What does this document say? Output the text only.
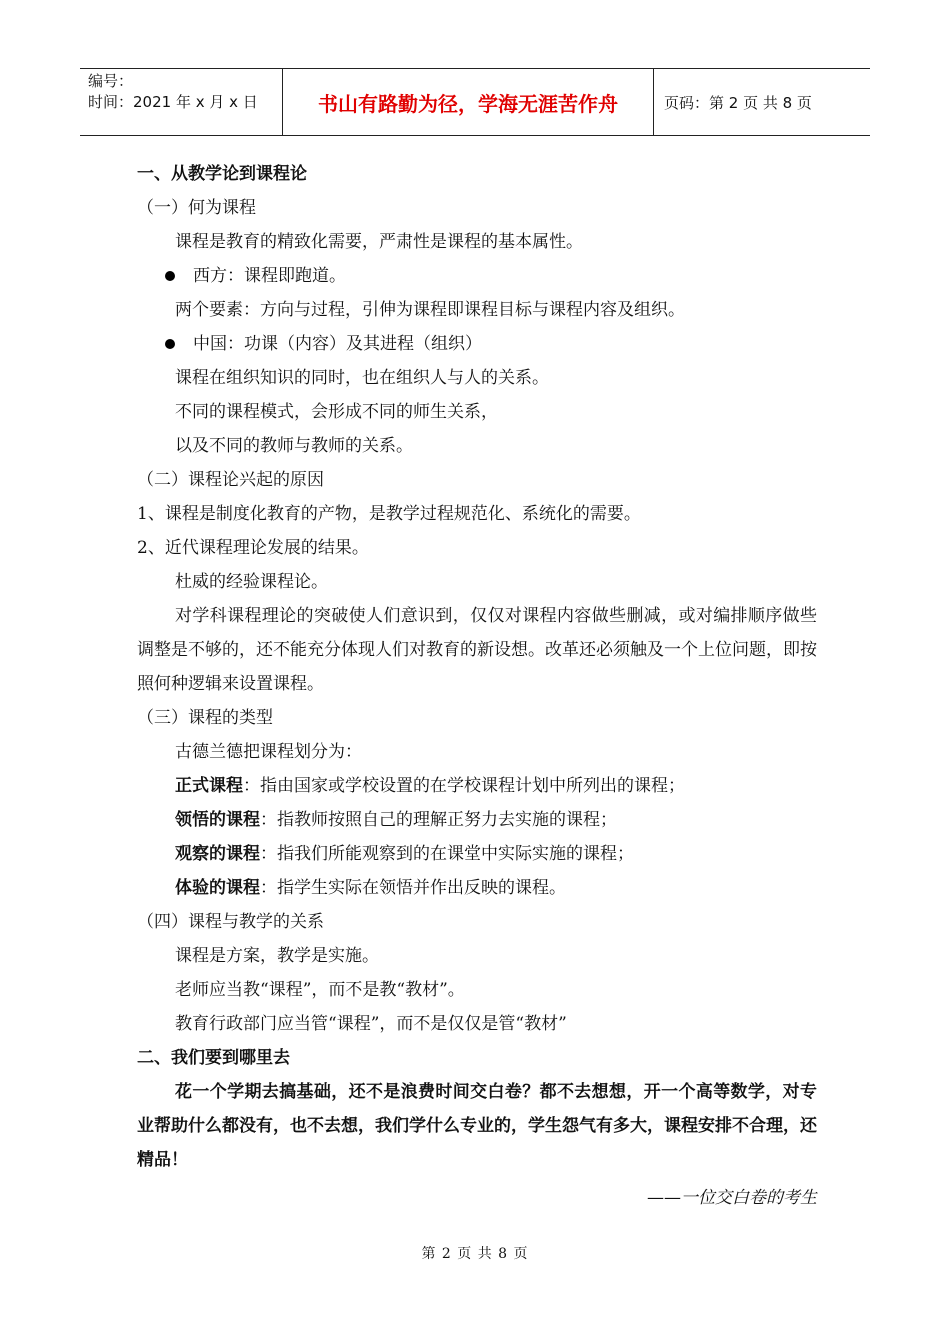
编号：
时间：2021 年 x 月 x 日	书山有路勤为径，学海无涯苦作舟	页码：第 2 页 共 8 页

一、从教学论到课程论

（一）何为课程

课程是教育的精致化需要，严肃性是课程的基本属性。

西方：课程即跑道。

两个要素：方向与过程，引伸为课程即课程目标与课程内容及组织。

中国：功课（内容）及其进程（组织）

课程在组织知识的同时，也在组织人与人的关系。

不同的课程模式，会形成不同的师生关系，

以及不同的教师与教师的关系。

（二）课程论兴起的原因

1、课程是制度化教育的产物，是教学过程规范化、系统化的需要。

2、近代课程理论发展的结果。

杜威的经验课程论。

对学科课程理论的突破使人们意识到，仅仅对课程内容做些删减，或对编排顺序做些调整是不够的，还不能充分体现人们对教育的新设想。改革还必须触及一个上位问题，即按照何种逻辑来设置课程。

（三）课程的类型

古德兰德把课程划分为：

正式课程：指由国家或学校设置的在学校课程计划中所列出的课程；

领悟的课程：指教师按照自己的理解正努力去实施的课程；

观察的课程：指我们所能观察到的在课堂中实际实施的课程；

体验的课程：指学生实际在领悟并作出反映的课程。

（四）课程与教学的关系

课程是方案，教学是实施。

老师应当教“课程”，而不是教“教材”。

教育行政部门应当管“课程”，而不是仅仅是管“教材”

二、我们要到哪里去

花一个学期去搞基础，还不是浪费时间交白卷？都不去想想，开一个高等数学，对专业帮助什么都没有，也不去想，我们学什么专业的，学生怨气有多大，课程安排不合理，还精品！

——一位交白卷的考生

第 2 页 共 8 页
